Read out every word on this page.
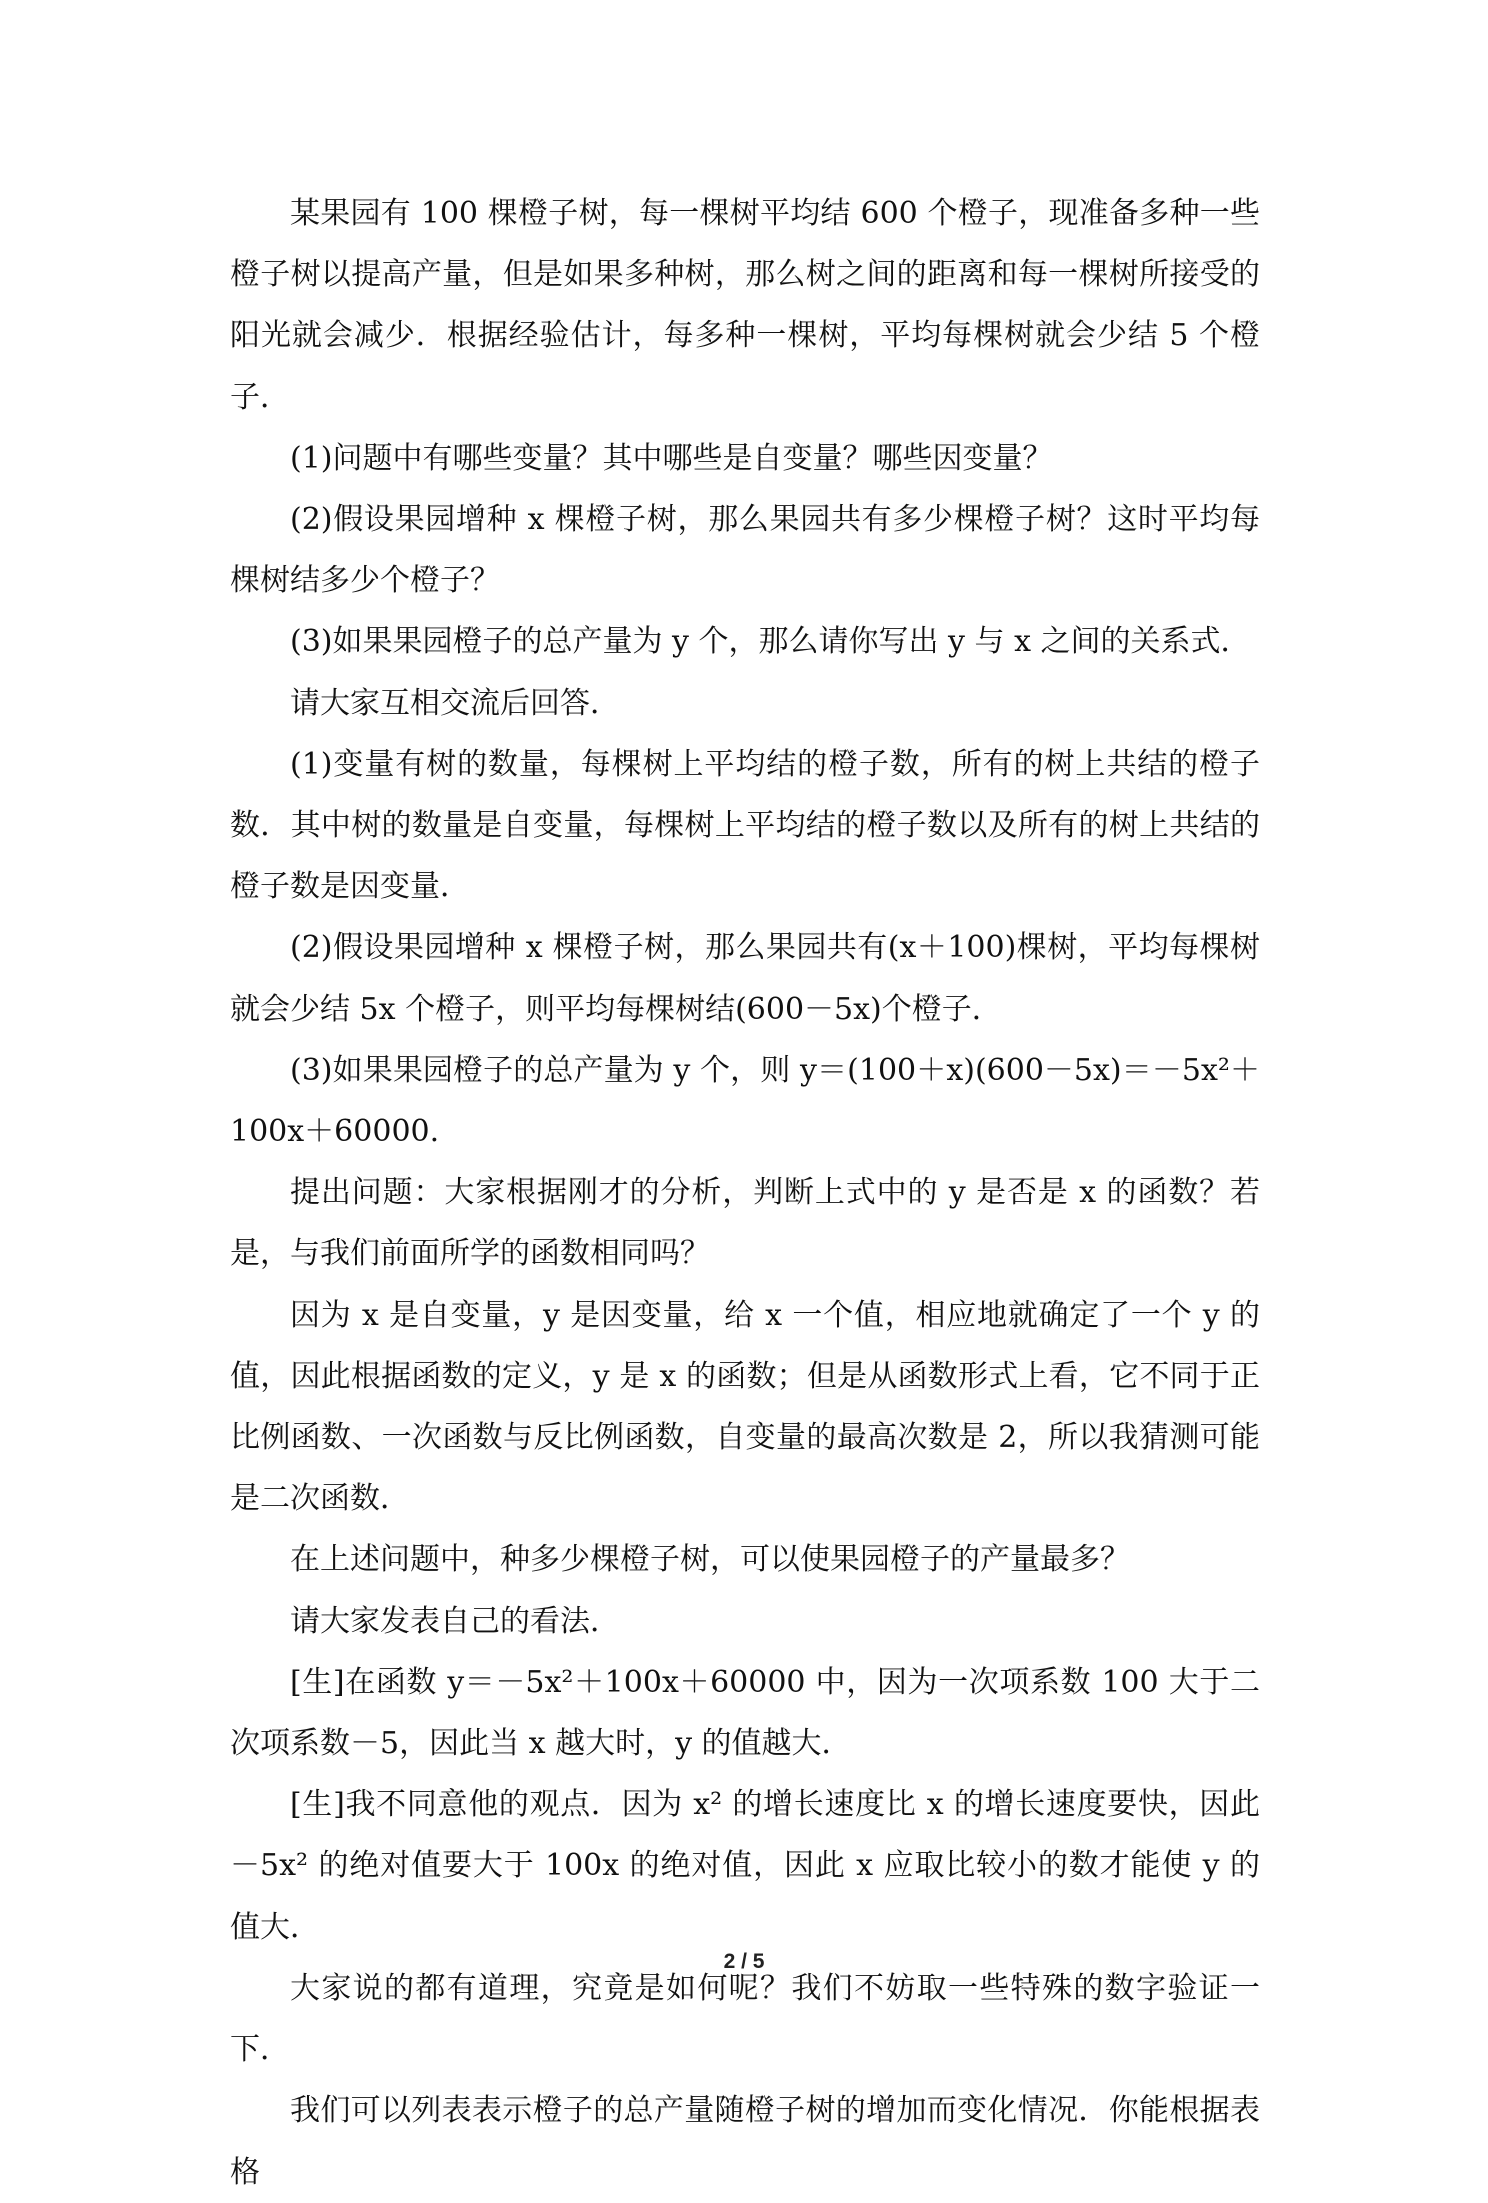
某果园有 100 棵橙子树，每一棵树平均结 600 个橙子，现准备多种一些橙子树以提高产量，但是如果多种树，那么树之间的距离和每一棵树所接受的阳光就会减少．根据经验估计，每多种一棵树，平均每棵树就会少结 5 个橙子．

(1)问题中有哪些变量？其中哪些是自变量？哪些因变量？

(2)假设果园增种 x 棵橙子树，那么果园共有多少棵橙子树？这时平均每棵树结多少个橙子？

(3)如果果园橙子的总产量为 y 个，那么请你写出 y 与 x 之间的关系式．

请大家互相交流后回答．

(1)变量有树的数量，每棵树上平均结的橙子数，所有的树上共结的橙子数．其中树的数量是自变量，每棵树上平均结的橙子数以及所有的树上共结的橙子数是因变量．

(2)假设果园增种 x 棵橙子树，那么果园共有(x＋100)棵树，平均每棵树就会少结 5x 个橙子，则平均每棵树结(600－5x)个橙子．

(3)如果果园橙子的总产量为 y 个，则 y＝(100＋x)(600－5x)＝－5x²＋100x＋60000.

提出问题：大家根据刚才的分析，判断上式中的 y 是否是 x 的函数？若是，与我们前面所学的函数相同吗？

因为 x 是自变量，y 是因变量，给 x 一个值，相应地就确定了一个 y 的值，因此根据函数的定义，y 是 x 的函数；但是从函数形式上看，它不同于正比例函数、一次函数与反比例函数，自变量的最高次数是 2，所以我猜测可能是二次函数．

在上述问题中，种多少棵橙子树，可以使果园橙子的产量最多？

请大家发表自己的看法．

[生]在函数 y＝－5x²＋100x＋60000 中，因为一次项系数 100 大于二次项系数－5，因此当 x 越大时，y 的值越大．

[生]我不同意他的观点．因为 x² 的增长速度比 x 的增长速度要快，因此－5x² 的绝对值要大于 100x 的绝对值，因此 x 应取比较小的数才能使 y 的值大．

大家说的都有道理，究竟是如何呢？我们不妨取一些特殊的数字验证一下．

我们可以列表表示橙子的总产量随橙子树的增加而变化情况．你能根据表格

2 / 5
